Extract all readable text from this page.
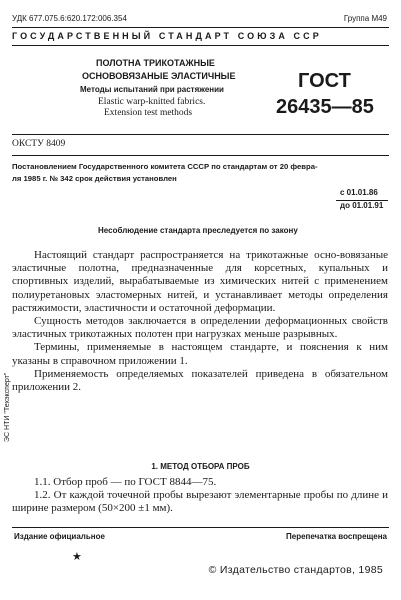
УДК 677.075.6:620.172:006.354	Группа М49
ГОСУДАРСТВЕННЫЙ СТАНДАРТ СОЮЗА ССР
ПОЛОТНА ТРИКОТАЖНЫЕ
ОСНОВОВЯЗАНЫЕ ЭЛАСТИЧНЫЕ
Методы испытаний при растяжении
Elastic warp-knitted fabrics.
Extension test methods
ГОСТ
26435—85
ОКСТУ 8409
Постановлением Государственного комитета СССР по стандартам от 20 февра-
ля 1985 г. № 342 срок действия установлен
с 01.01.86
до 01.01.91
Несоблюдение стандарта преследуется по закону

Настоящий стандарт распространяется на трикотажные осно-вовязаные эластичные полотна, предназначенные для корсетных, купальных и спортивных изделий, вырабатываемые из химических нитей с применением полиуретановых эластомерных нитей, и устанавливает методы определения растяжимости, эластичности и остаточной деформации.

Сущность методов заключается в определении деформационных свойств эластичных трикотажных полотен при нагрузках меньше разрывных.

Термины, применяемые в настоящем стандарте, и пояснения к ним указаны в справочном приложении 1.

Применяемость определяемых показателей приведена в обязательном приложении 2.

1. МЕТОД ОТБОРА ПРОБ

1.1. Отбор проб — по ГОСТ 8844—75.

1.2. От каждой точечной пробы вырезают элементарные пробы по длине и ширине размером (50×200 ±1 мм).

ЭС НТИ "Техэксперт"
Издание официальное	Перепечатка воспрещена
★
© Издательство стандартов, 1985
